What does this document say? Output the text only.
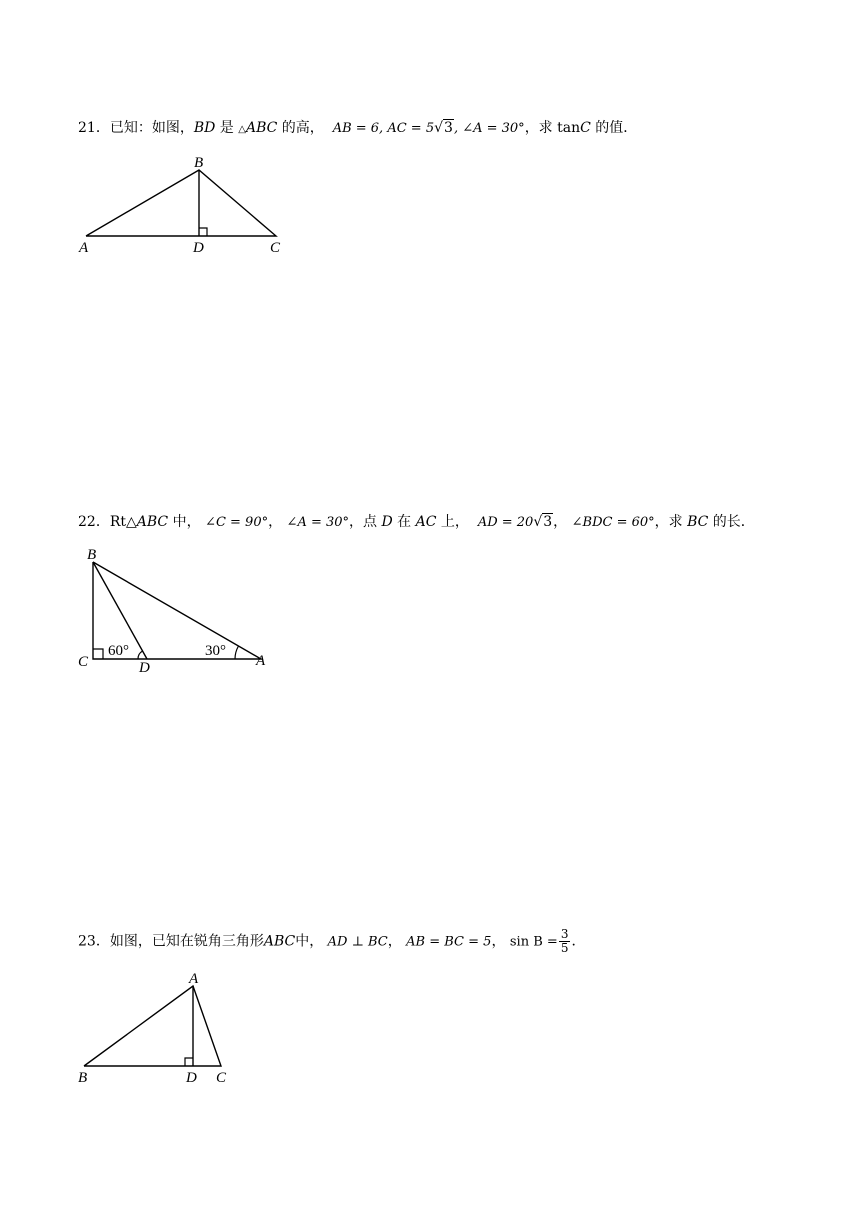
21．已知：如图，BD 是 △ABC 的高， AB = 6, AC = 5√3, ∠A = 30°，求 tanC 的值．
B
A	D	C
22．Rt△ABC 中， ∠C = 90°， ∠A = 30°，点 D 在 AC 上， AD = 20√3， ∠BDC = 60°，求 BC 的长．
60°	30°
B
C	D	A
23．如图，已知在锐角三角形ABC中， AD ⊥ BC， AB = BC = 5， $\sin B = \frac{3}{5}$ ．
A
B	D C
